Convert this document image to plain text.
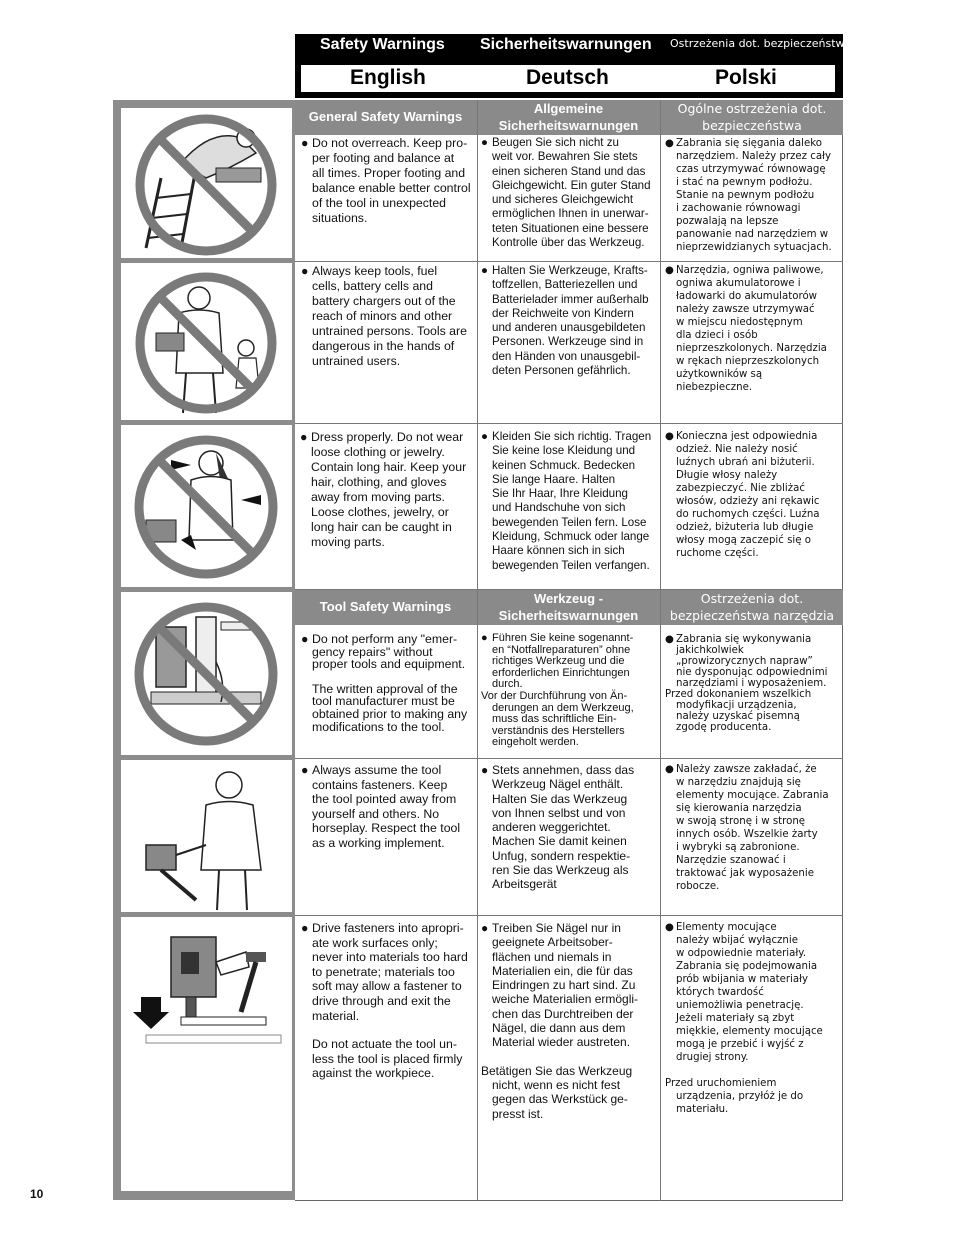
Safety Warnings Sicherheitswarnungen Ostrzeżenia dot. bezpieczeństwa
English	Deutsch	Polski
General Safety Warnings
Allgemeine
Sicherheitswarnungen
Ogólne ostrzeżenia dot.
bezpieczeństwa
Tool Safety Warnings
Werkzeug -
Sicherheitswarnungen
Ostrzeżenia dot.
bezpieczeństwa narzędzia
● Do not overreach. Keep pro-
per footing and balance at
all times. Proper footing and
balance enable better control
of the tool in unexpected
situations.
● Beugen Sie sich nicht zu
weit vor. Bewahren Sie stets
einen sicheren Stand und das
Gleichgewicht. Ein guter Stand
und sicheres Gleichgewicht
ermöglichen Ihnen in unerwar-
teten Situationen eine bessere
Kontrolle über das Werkzeug.
● Zabrania się sięgania daleko
narzędziem. Należy przez cały
czas utrzymywać równowagę
i stać na pewnym podłożu.
Stanie na pewnym podłożu
i zachowanie równowagi
pozwalają na lepsze
panowanie nad narzędziem w
nieprzewidzianych sytuacjach.
● Always keep tools, fuel
cells, battery cells and
battery chargers out of the
reach of minors and other
untrained persons. Tools are
dangerous in the hands of
untrained users.
● Halten Sie Werkzeuge, Krafts-
toffzellen, Batteriezellen und
Batterielader immer außerhalb
der Reichweite von Kindern
und anderen unausgebildeten
Personen. Werkzeuge sind in
den Händen von unausgebil-
deten Personen gefährlich.
● Narzędzia, ogniwa paliwowe,
ogniwa akumulatorowe i
ładowarki do akumulatorów
należy zawsze utrzymywać
w miejscu niedostępnym
dla dzieci i osób
nieprzeszkolonych. Narzędzia
w rękach nieprzeszkolonych
użytkowników są
niebezpieczne.
● Dress properly. Do not wear
loose clothing or jewelry.
Contain long hair. Keep your
hair, clothing, and gloves
away from moving parts.
Loose clothes, jewelry, or
long hair can be caught in
moving parts.
● Kleiden Sie sich richtig. Tragen
Sie keine lose Kleidung und
keinen Schmuck. Bedecken
Sie lange Haare. Halten
Sie Ihr Haar, Ihre Kleidung
und Handschuhe von sich
bewegenden Teilen fern. Lose
Kleidung, Schmuck oder lange
Haare können sich in sich
bewegenden Teilen verfangen.
● Konieczna jest odpowiednia
odzież. Nie należy nosić
luźnych ubrań ani biżuterii.
Długie włosy należy
zabezpieczyć. Nie zbliżać
włosów, odzieży ani rękawic
do ruchomych części. Luźna
odzież, biżuteria lub długie
włosy mogą zaczepić się o
ruchome części.
● Do not perform any "emer-
gency repairs" without
proper tools and equipment.
The written approval of the
tool manufacturer must be
obtained prior to making any
modifications to the tool.
● Führen Sie keine sogenannt-
en “Notfallreparaturen” ohne
richtiges Werkzeug und die
erforderlichen Einrichtungen
durch.
Vor der Durchführung von Än-
derungen an dem Werkzeug,
muss das schriftliche Ein-
verständnis des Herstellers
eingeholt werden.
● Zabrania się wykonywania
jakichkolwiek
„prowizorycznych napraw”
nie dysponując odpowiednimi
narzędziami i wyposażeniem.
Przed dokonaniem wszelkich
modyfikacji urządzenia,
należy uzyskać pisemną
zgodę producenta.
● Always assume the tool
contains fasteners. Keep
the tool pointed away from
yourself and others. No
horseplay. Respect the tool
as a working implement.
● Stets annehmen, dass das
Werkzeug Nägel enthält.
Halten Sie das Werkzeug
von Ihnen selbst und von
anderen weggerichtet.
Machen Sie damit keinen
Unfug, sondern respektie-
ren Sie das Werkzeug als
Arbeitsgerät
● Należy zawsze zakładać, że
w narzędziu znajdują się
elementy mocujące. Zabrania
się kierowania narzędzia
w swoją stronę i w stronę
innych osób. Wszelkie żarty
i wybryki są zabronione.
Narzędzie szanować i
traktować jak wyposażenie
robocze.
● Drive fasteners into apropri-
ate work surfaces only;
never into materials too hard
to penetrate; materials too
soft may allow a fastener to
drive through and exit the
material.
Do not actuate the tool un-
less the tool is placed firmly
against the workpiece.
● Treiben Sie Nägel nur in
geeignete Arbeitsober-
flächen und niemals in
Materialien ein, die für das
Eindringen zu hart sind. Zu
weiche Materialien ermögli-
chen das Durchtreiben der
Nägel, die dann aus dem
Material wieder austreten.
Betätigen Sie das Werkzeug
nicht, wenn es nicht fest
gegen das Werkstück ge-
presst ist.
● Elementy mocujące
należy wbijać wyłącznie
w odpowiednie materiały.
Zabrania się podejmowania
prób wbijania w materiały
których twardość
uniemożliwia penetrację.
Jeżeli materiały są zbyt
miękkie, elementy mocujące
mogą je przebić i wyjść z
drugiej strony.
Przed uruchomieniem
urządzenia, przyłóż je do
materiału.
10
